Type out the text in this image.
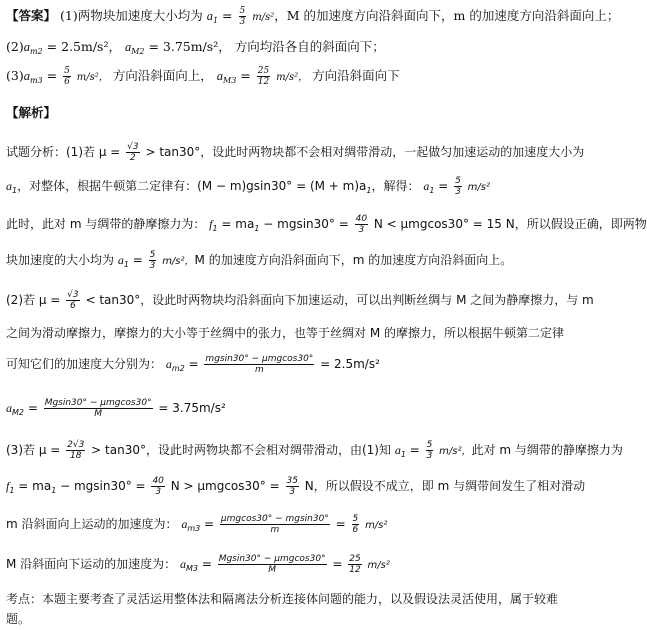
【答案】 (1)两物块加速度大小均为 $a_1 = \frac{5}{3} m/s^2$，M 的加速度方向沿斜面向下，m 的加速度方向沿斜面向上；
$(2)a_{m2} = 2.5m/s^2$， $a_{M2} = 3.75m/s^2$， 方向均沿各自的斜面向下；
$(3)a_{m3} = \frac{5}{6} m/s^2$， 方向沿斜面向上， $a_{M3} = \frac{25}{12} m/s^2$， 方向沿斜面向下
【解析】
试题分析：(1)若 $\mu = \frac{√3}{2} > \tan 30^\circ$，设此时两物块都不会相对绸带滑动，一起做匀加速运动的加速度大小为
$a_1$，对整体，根据牛顿第二定律有：$(M - m)gsin30^\circ = (M + m)a_1$，解得： $a_1 = \frac{5}{3} m/s^2$
此时，此对 m 与绸带的静摩擦力为： $f_1 = ma_1 - mgsin30^\circ = \frac{40}{3}$ N < μmgcos30° = 15 N，所以假设正确，即两物
块加速度的大小均为 $a_1 = \frac{5}{3} m/s^2$，M 的加速度方向沿斜面向下，m 的加速度方向沿斜面向上。
(2)若 $\mu = \frac{√3}{6} < \tan 30^\circ$，设此时两物块均沿斜面向下加速运动，可以出判断丝绸与 M 之间为静摩擦力，与 m
之间为滑动摩擦力，摩擦力的大小等于丝绸中的张力，也等于丝绸对 M 的摩擦力，所以根据牛顿第二定律
可知它们的加速度大分别为： $a_{m2} = \frac{\text{mgsin30° − μmgcos30°}}{m} = 2.5m/s^2$
$a_{M2} = \frac{\text{Mgsin30° − μmgcos30°}}{M} = 3.75m/s^2$
(3)若 $\mu = \frac{2√3}{18} > \tan 30^\circ$，设此时两物块都不会相对绸带滑动，由(1)知 $a_1 = \frac{5}{3} m/s^2$，此对 m 与绸带的静摩擦力为
$f_1 = ma_1 - mgsin30^\circ = \frac{40}{3}$ $N > \mu mgcos30^\circ = \frac{35}{3}$ N，所以假设不成立，即 m 与绸带间发生了相对滑动
m 沿斜面向上运动的加速度为： $a_{m3} = \frac{\text{μmgcos30° − mgsin30°}}{m} = \frac{5}{6} m/s^2$
M 沿斜面向下运动的加速度为： $a_{M3} = \frac{\text{Mgsin30° − μmgcos30°}}{M} = \frac{25}{12} m/s^2$
考点：本题主要考查了灵活运用整体法和隔离法分析连接体问题的能力，以及假设法灵活使用，属于较难
题。
